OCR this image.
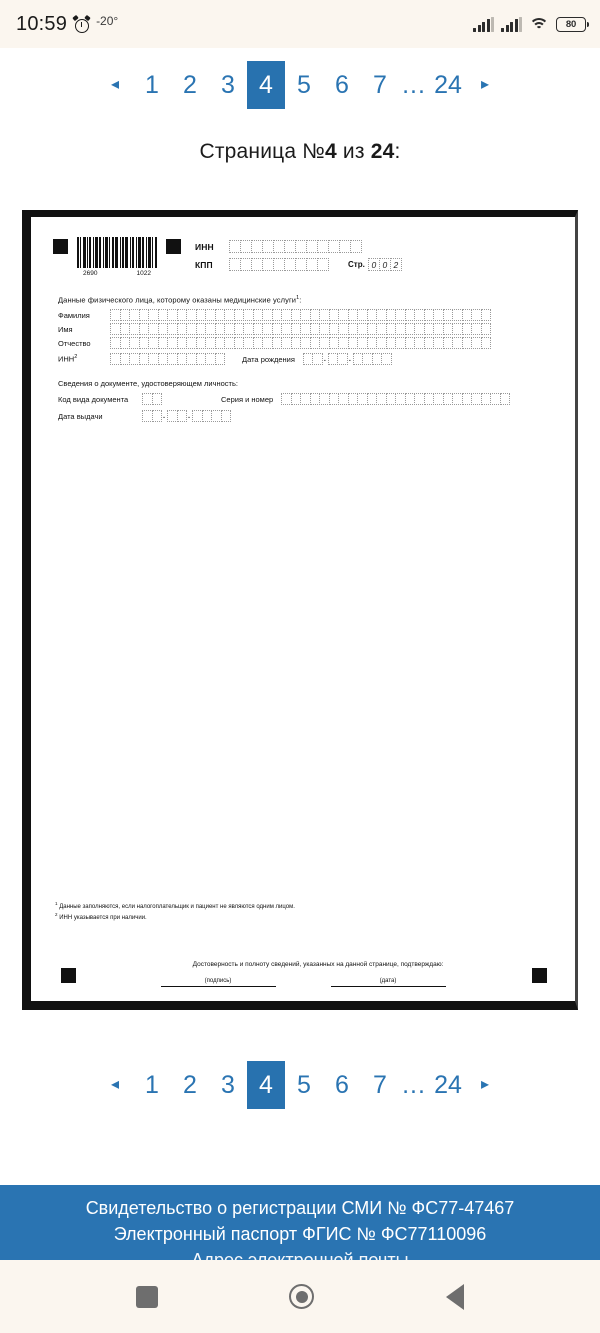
10:59 -20°	80
◂	1 2 3 4 5 6 7 ... 24	▸
Страница №4 из 24:
2690	1022
ИНН
КПП	Стр. 0 0 2
Данные физического лица, которому оказаны медицинские услуги$^1$:
Фамилия
Имя
Отчество
ИНН$^2$	Дата рождения	. .
Сведения о документе, удостоверяющем личность:
Код вида документа	Серия и номер
Дата выдачи	. .
$^1$ Данные заполняются, если налогоплательщик и пациент не являются одним лицом.
$^2$ ИНН указывается при наличии.
Достоверность и полноту сведений, указанных на данной странице, подтверждаю:
(подпись)	(дата)
◂	1 2 3 4 5 6 7 ... 24	▸
Свидетельство о регистрации СМИ № ФС77-47467
Электронный паспорт ФГИС № ФС77110096
